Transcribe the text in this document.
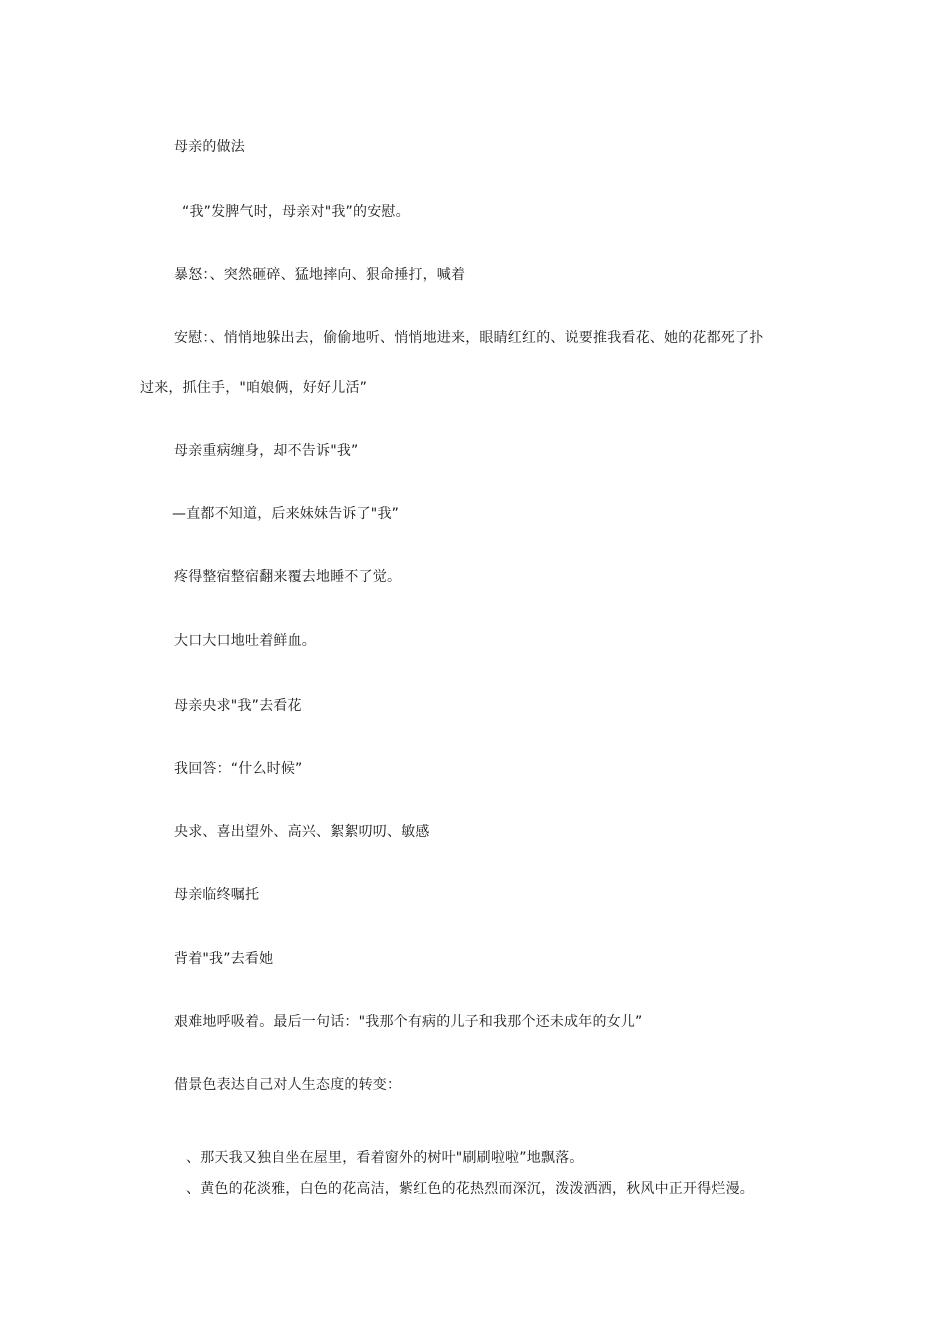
母亲的做法
“我”发脾气时，母亲对"我”的安慰。
暴怒：、突然砸碎、猛地摔向、狠命捶打，喊着
安慰：、悄悄地躲出去，偷偷地听、悄悄地进来，眼睛红红的、说要推我看花、她的花都死了扑
过来，抓住手，"咱娘俩，好好儿活”
母亲重病缠身，却不告诉"我”
—直都不知道，后来妹妹告诉了"我”
疼得整宿整宿翻来覆去地睡不了觉。
大口大口地吐着鲜血。
母亲央求"我”去看花
我回答：“什么时候”
央求、喜出望外、高兴、絮絮叨叨、敏感
母亲临终嘱托
背着"我”去看她
艰难地呼吸着。最后一句话："我那个有病的儿子和我那个还未成年的女儿”
借景色表达自己对人生态度的转变：
、那天我又独自坐在屋里，看着窗外的树叶"刷刷啦啦”地飘落。
、黄色的花淡雅，白色的花高洁，紫红色的花热烈而深沉，泼泼洒洒，秋风中正开得烂漫。
